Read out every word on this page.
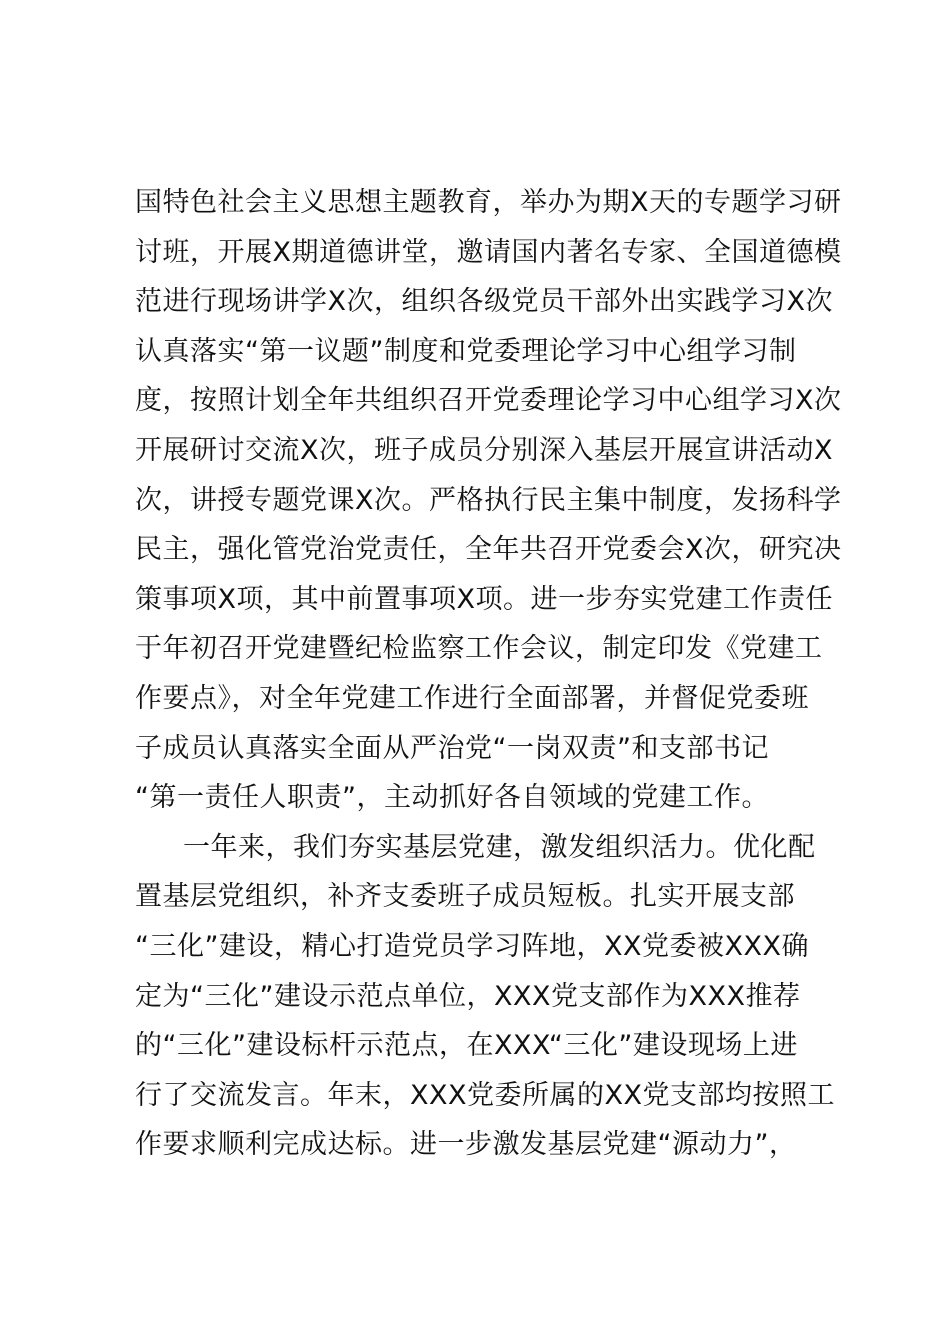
国特色社会主义思想主题教育，举办为期X天的专题学习研
讨班，开展X期道德讲堂，邀请国内著名专家、全国道德模
范进行现场讲学X次，组织各级党员干部外出实践学习X次
认真落实“第一议题”制度和党委理论学习中心组学习制
度，按照计划全年共组织召开党委理论学习中心组学习X次
开展研讨交流X次，班子成员分别深入基层开展宣讲活动X
次，讲授专题党课X次。严格执行民主集中制度，发扬科学
民主，强化管党治党责任，全年共召开党委会X次，研究决
策事项X项，其中前置事项X项。进一步夯实党建工作责任
于年初召开党建暨纪检监察工作会议，制定印发《党建工
作要点》，对全年党建工作进行全面部署，并督促党委班
子成员认真落实全面从严治党“一岗双责”和支部书记
“第一责任人职责”，主动抓好各自领域的党建工作。
一年来，我们夯实基层党建，激发组织活力。优化配
置基层党组织，补齐支委班子成员短板。扎实开展支部
“三化”建设，精心打造党员学习阵地，XX党委被XXX确
定为“三化”建设示范点单位，XXX党支部作为XXX推荐
的“三化”建设标杆示范点，在XXX“三化”建设现场上进
行了交流发言。年末，XXX党委所属的XX党支部均按照工
作要求顺利完成达标。进一步激发基层党建“源动力”，
